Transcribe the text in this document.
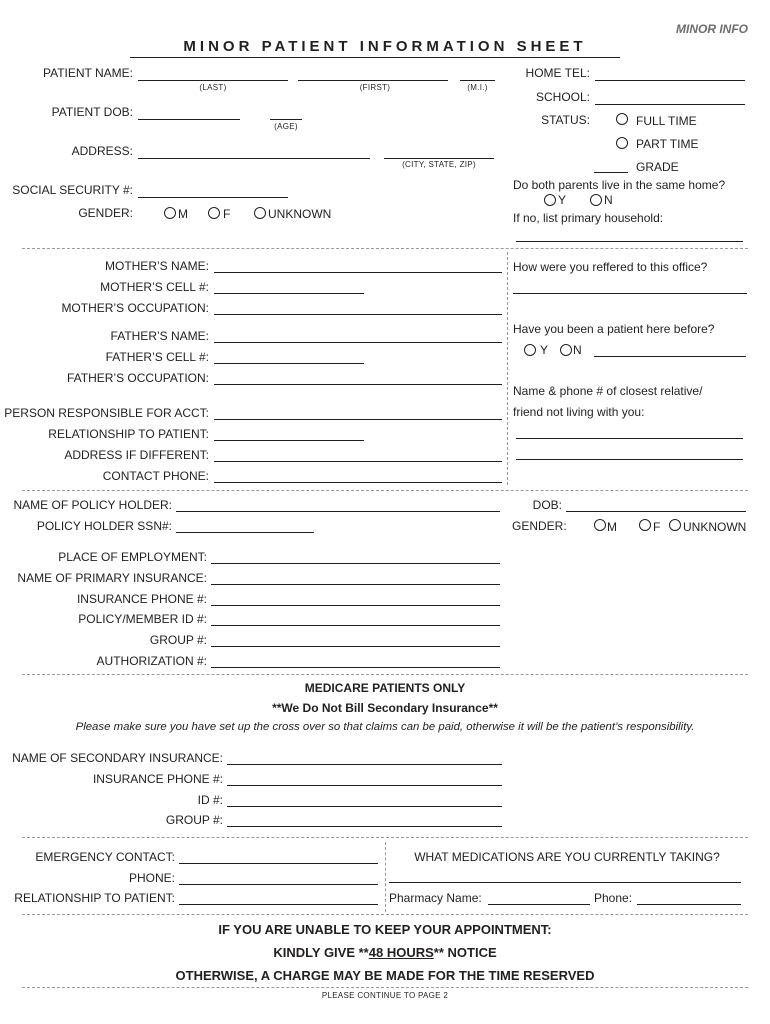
MINOR INFO
MINOR PATIENT INFORMATION SHEET
PATIENT NAME:
(LAST)	(FIRST)	(M.I.)
PATIENT DOB:
(AGE)
ADDRESS:
(CITY, STATE, ZIP)
SOCIAL SECURITY #:
GENDER:	M	F	UNKNOWN
HOME TEL:
SCHOOL:
STATUS:	FULL TIME
PART TIME
GRADE
Do both parents live in the same home?
Y	N
If no, list primary household:
MOTHER’S NAME:
MOTHER’S CELL #:
MOTHER’S OCCUPATION:
FATHER’S NAME:
FATHER’S CELL #:
FATHER’S OCCUPATION:
PERSON RESPONSIBLE FOR ACCT:
RELATIONSHIP TO PATIENT:
ADDRESS IF DIFFERENT:
CONTACT PHONE:
How were you reffered to this office?
Have you been a patient here before?
Y N
Name & phone # of closest relative/
friend not living with you:
NAME OF POLICY HOLDER:	DOB:
POLICY HOLDER SSN#:	GENDER:	M	F UNKNOWN
PLACE OF EMPLOYMENT:
NAME OF PRIMARY INSURANCE:
INSURANCE PHONE #:
POLICY/MEMBER ID #:
GROUP #:
AUTHORIZATION #:
MEDICARE PATIENTS ONLY
**We Do Not Bill Secondary Insurance**
Please make sure you have set up the cross over so that claims can be paid, otherwise it will be the patient’s responsibility.
NAME OF SECONDARY INSURANCE:
INSURANCE PHONE #:
ID #:
GROUP #:
EMERGENCY CONTACT:
PHONE:
RELATIONSHIP TO PATIENT:
WHAT MEDICATIONS ARE YOU CURRENTLY TAKING?
Pharmacy Name:	Phone:
IF YOU ARE UNABLE TO KEEP YOUR APPOINTMENT:
KINDLY GIVE **48 HOURS** NOTICE
OTHERWISE, A CHARGE MAY BE MADE FOR THE TIME RESERVED
PLEASE CONTINUE TO PAGE 2
